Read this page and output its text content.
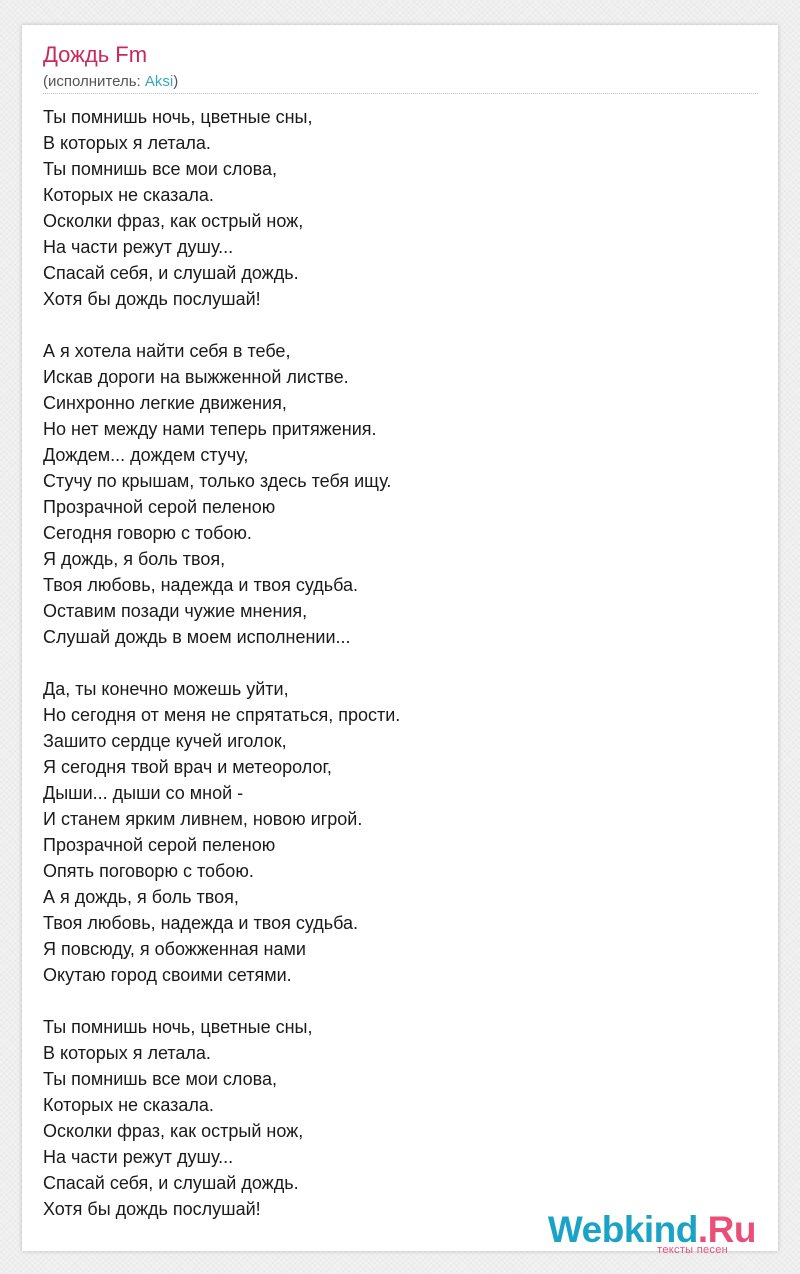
Дождь Fm
(исполнитель: Aksi)
Ты помнишь ночь, цветные сны,
В которых я летала.
Ты помнишь все мои слова,
Которых не сказала.
Осколки фраз, как острый нож,
На части режут душу...
Спасай себя, и слушай дождь.
Хотя бы дождь послушай!
А я хотела найти себя в тебе,
Искав дороги на выжженной листве.
Синхронно легкие движения,
Но нет между нами теперь притяжения.
Дождем... дождем стучу,
Стучу по крышам, только здесь тебя ищу.
Прозрачной серой пеленою
Сегодня говорю с тобою.
Я дождь, я боль твоя,
Твоя любовь, надежда и твоя судьба.
Оставим позади чужие мнения,
Слушай дождь в моем исполнении...
Да, ты конечно можешь уйти,
Но сегодня от меня не спрятаться, прости.
Зашито сердце кучей иголок,
Я сегодня твой врач и метеоролог,
Дыши... дыши со мной -
И станем ярким ливнем, новою игрой.
Прозрачной серой пеленою
Опять поговорю с тобою.
А я дождь, я боль твоя,
Твоя любовь, надежда и твоя судьба.
Я повсюду, я обожженная нами
Окутаю город своими сетями.
Ты помнишь ночь, цветные сны,
В которых я летала.
Ты помнишь все мои слова,
Которых не сказала.
Осколки фраз, как острый нож,
На части режут душу...
Спасай себя, и слушай дождь.
Хотя бы дождь послушай!	Webkind.Ru
тексты песен
